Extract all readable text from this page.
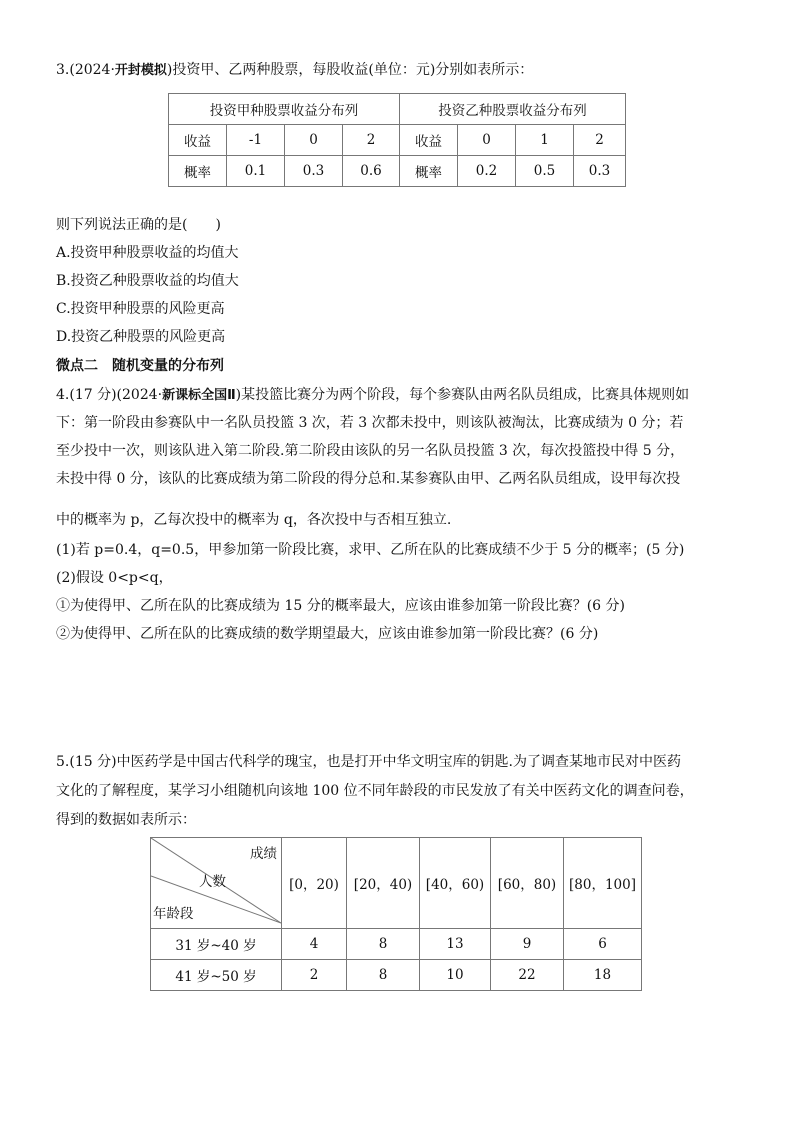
3.(2024·开封模拟)投资甲、乙两种股票，每股收益(单位：元)分别如表所示：
投资甲种股票收益分布列				投资乙种股票收益分布列			
收益	-1	0	2	收益	0	1	2
概率	0.1	0.3	0.6	概率	0.2	0.5	0.3
则下列说法正确的是(　　)
A.投资甲种股票收益的均值大
B.投资乙种股票收益的均值大
C.投资甲种股票的风险更高
D.投资乙种股票的风险更高
微点二　随机变量的分布列
4.(17 分)(2024·新课标全国Ⅱ)某投篮比赛分为两个阶段，每个参赛队由两名队员组成，比赛具体规则如
下：第一阶段由参赛队中一名队员投篮 3 次，若 3 次都未投中，则该队被淘汰，比赛成绩为 0 分；若
至少投中一次，则该队进入第二阶段.第二阶段由该队的另一名队员投篮 3 次，每次投篮投中得 5 分，
未投中得 0 分，该队的比赛成绩为第二阶段的得分总和.某参赛队由甲、乙两名队员组成，设甲每次投
中的概率为 p，乙每次投中的概率为 q，各次投中与否相互独立.
(1)若 p=0.4，q=0.5，甲参加第一阶段比赛，求甲、乙所在队的比赛成绩不少于 5 分的概率；(5 分)
(2)假设 0<p<q，
①为使得甲、乙所在队的比赛成绩为 15 分的概率最大，应该由谁参加第一阶段比赛？(6 分)
②为使得甲、乙所在队的比赛成绩的数学期望最大，应该由谁参加第一阶段比赛？(6 分)
5.(15 分)中医药学是中国古代科学的瑰宝，也是打开中华文明宝库的钥匙.为了调查某地市民对中医药
文化的了解程度，某学习小组随机向该地 100 位不同年龄段的市民发放了有关中医药文化的调查问卷，
得到的数据如表所示：
成绩
人数
年龄段	[0，20)	[20，40)	[40，60)	[60，80)	[80，100]
31 岁~40 岁	4	8	13	9	6
41 岁~50 岁	2	8	10	22	18
